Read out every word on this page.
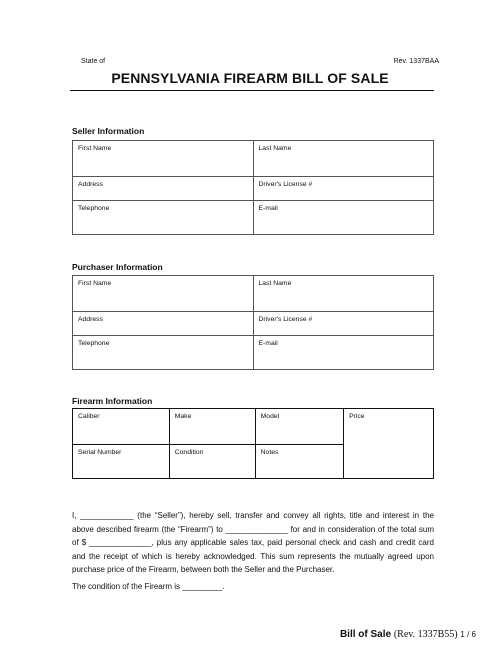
State of	Rev. 1337BAA
PENNSYLVANIA FIREARM BILL OF SALE
Seller Information
First Name	Last Name
Address	Driver's License #
Telephone	E-mail
Purchaser Information
First Name	Last Name
Address	Driver's License #
Telephone	E-mail
Firearm Information
Caliber	Make	Model	Price
Serial Number	Condition	Notes	

I, ____________ (the “Seller”), hereby sell, transfer and convey all rights, title and interest in the above described firearm (the “Firearm”) to ______________ for and in consideration of the total sum of $ ______________, plus any applicable sales tax, paid personal check and cash and credit card and the receipt of which is hereby acknowledged. This sum represents the mutually agreed upon purchase price of the Firearm, between both the Seller and the Purchaser.

The condition of the Firearm is _________.

Bill of Sale (Rev. 1337B55) 1 / 6
